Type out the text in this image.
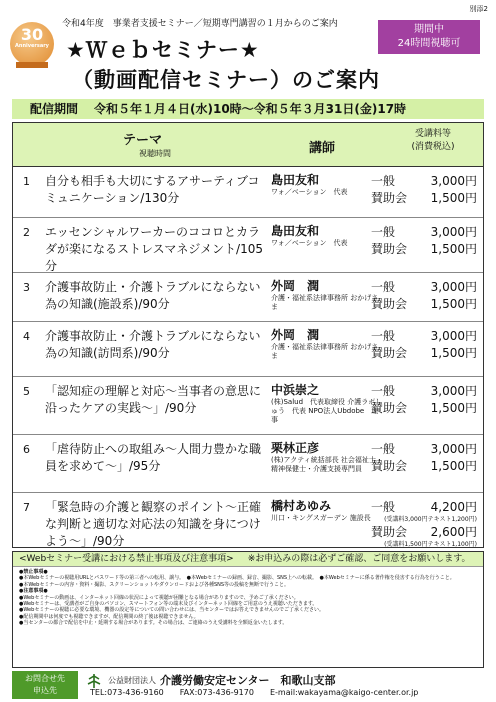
別添2
30
Anniversary
令和4年度　事業者支援セミナー／短期専門講習の１月からのご案内	期間中
24時間視聴可
★Ｗｅｂセミナー★
（動画配信セミナー）のご案内
配信期間 令和５年１月４日(水)10時～令和５年３月31日(金)17時
テーマ
視聴時間	講師
受講料等
(消費税込)
1 自分も相手も大切にするアサーティブコミュニケーション/130分
島田友和
ワォ／ベーション　代表
一般	3,000円
賛助会 1,500円
2 エッセンシャルワーカーのココロとカラダが楽になるストレスマネジメント/105分
島田友和
ワォ／ベーション　代表
一般	3,000円
賛助会 1,500円
3 介護事故防止・介護トラブルにならない為の知識(施設系)/90分
外岡　潤
介護・福祉系法律事務所 おかげさま
一般	3,000円
賛助会 1,500円
4 介護事故防止・介護トラブルにならない為の知識(訪問系)/90分
外岡　潤
介護・福祉系法律事務所 おかげさま
一般	3,000円
賛助会 1,500円
5 「認知症の理解と対応～当事者の意思に沿ったケアの実践～」/90分
中浜崇之
(株)Salud　代表取締役 介護ラボしゅう　代表 NPO法人Ubdobe　理事
一般	3,000円
賛助会 1,500円
6 「虐待防止への取組み～人間力豊かな職員を求めて～」/95分
栗林正彦
(株)アクティ統括部長 社会福祉士・精神保健士・介護支援専門員
一般	3,000円
賛助会 1,500円
7 「緊急時の介護と観察のポイント～正確な判断と適切な対応法の知識を身につけよう～」/90分
橋村あゆみ
川口・キングスガーデン 施設長
一般	4,200円
(受講料3,000円テキスト1,200円)
賛助会 2,600円
(受講料1,500円テキスト1,100円)
<Webセミナー受講における禁止事項及び注意事項> ※お申込みの際は必ずご確認、ご同意をお願いします。
●禁止事項●
●本Webセミナーの視聴用URLとパスワード等の第三者への転用、譲与。　●本Webセミナーの録画、録音、撮影、SNS上への転載。　●本Webセミナーに係る著作権を侵害する行為を行うこと。
●本Webセミナーの内容・資料・撮影、スクリーンショットやダウンロードおよび各種SNS等の投稿を無断で行うこと。
●注意事項●
●Webセミナーの動画は、インターネット回線の状況によって視聴が困難となる場合がありますので、予めご了承ください。
●Webセミナーは、受講者がご自身のパソコン、スマートフォン等の端末及びインターネット回線をご用意のうえ視聴いただきます。
●Webセミナーの視聴に必要な環境、機器の設定等についての問い合わせには、当センターではお答えできませんのでご了承ください。
●配信期間中は何度でも視聴できますが、配信期間の終了後は視聴できません。
●当センターの都合で配信を中止・延期する場合があります。その場合は、ご連絡のうえ受講料を全額返金いたします。
お問合せ先
申込先
公益財団法人 介護労働安定センター　和歌山支部
TEL:073-436-9160 FAX:073-436-9170 E-mail:wakayama@kaigo-center.or.jp
